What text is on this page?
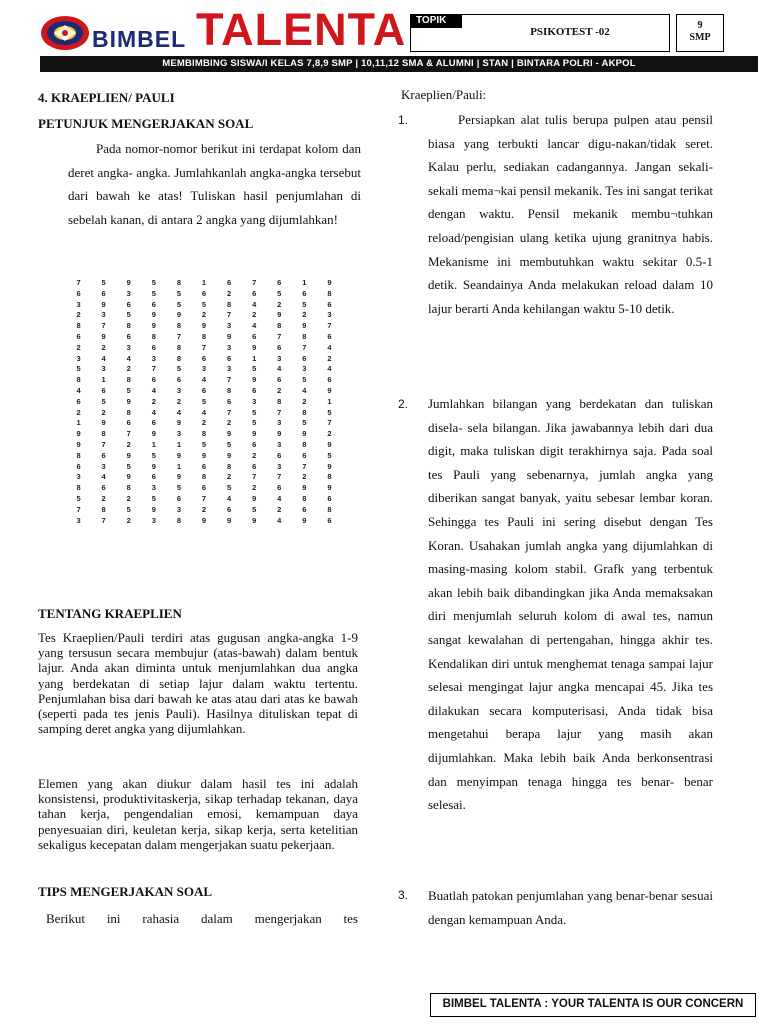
BIMBEL TALENTA TOPIK
PSIKOTEST -02
9
SMP
MEMBIMBING SISWA/I KELAS 7,8,9 SMP | 10,11,12 SMA & ALUMNI | STAN | BINTARA POLRI - AKPOL
4. KRAEPLIEN/ PAULI
PETUNJUK MENGERJAKAN SOAL

Pada nomor-nomor berikut ini terdapat kolom dan deret angka- angka. Jumlahkanlah angka-angka tersebut dari bawah ke atas! Tuliskan hasil penjumlahan di sebelah kanan, di antara 2 angka yang dijumlahkan!

7	5	9	5	8	1	6	7	6	1	9
6	6	3	5	5	6	2	6	5	6	8
3	9	6	6	5	5	8	4	2	5	6
2	3	5	9	9	2	7	2	9	2	3
8	7	8	9	8	9	3	4	8	9	7
6	9	6	8	7	8	9	6	7	8	6
2	2	3	6	8	7	3	9	6	7	4
3	4	4	3	8	6	6	1	3	6	2
5	3	2	7	5	3	3	5	4	3	4
8	1	8	6	6	4	7	9	6	5	6
4	6	5	4	3	6	8	6	2	4	9
6	5	9	2	2	5	6	3	8	2	1
2	2	8	4	4	4	7	5	7	8	5
1	9	6	6	9	2	2	5	3	5	7
9	8	7	9	3	8	9	9	9	9	2
9	7	2	1	1	5	5	6	3	8	9
8	6	9	5	9	9	9	2	6	6	5
6	3	5	9	1	6	8	6	3	7	9
3	4	9	6	9	8	2	7	7	2	8
8	6	8	3	5	6	5	2	6	9	9
5	2	2	5	6	7	4	9	4	8	6
7	8	5	9	3	2	6	5	2	6	8
3	7	2	3	8	9	9	9	4	9	6
TENTANG KRAEPLIEN

Tes Kraeplien/Pauli terdiri atas gugusan angka-angka 1-9 yang tersusun secara membujur (atas-bawah) dalam bentuk lajur. Anda akan diminta untuk menjumlahkan dua angka yang berdekatan di setiap lajur dalam waktu tertentu. Penjumlahan bisa dari bawah ke atas atau dari atas ke bawah (seperti pada tes jenis Pauli). Hasilnya dituliskan tepat di samping deret angka yang dijumlahkan.

Elemen yang akan diukur dalam hasil tes ini adalah konsistensi, produktivitaskerja, sikap terhadap tekanan, daya tahan kerja, pengendalian emosi, kemampuan daya penyesuaian diri, keuletan kerja, sikap kerja, serta ketelitian sekaligus kecepatan dalam mengerjakan suatu pekerjaan.

TIPS MENGERJAKAN SOAL

Berikut ini rahasia dalam mengerjakan tes

Kraeplien/Pauli:
1.	Persiapkan alat tulis berupa pulpen atau pensil biasa yang terbukti lancar digu-nakan/tidak seret. Kalau perlu, sediakan cadangannya. Jangan sekali- sekali mema¬kai pensil mekanik. Tes ini sangat terikat dengan waktu. Pensil mekanik membu¬tuhkan reload/pengisian ulang ketika ujung granitnya habis. Mekanisme ini membutuhkan waktu sekitar 0.5-1 detik. Seandainya Anda melakukan reload dalam 10 lajur berarti Anda kehilangan waktu 5-10 detik.

2. Jumlahkan bilangan yang berdekatan dan tuliskan disela- sela bilangan. Jika jawabannya lebih dari dua digit, maka tuliskan digit terakhirnya saja. Pada soal tes Pauli yang sebenarnya, jumlah angka yang diberikan sangat banyak, yaitu sebesar lembar koran. Sehingga tes Pauli ini sering disebut dengan Tes Koran. Usahakan jumlah angka yang dijumlahkan di masing-masing kolom stabil. Grafk yang terbentuk akan lebih baik dibandingkan jika Anda memaksakan diri menjumlah seluruh kolom di awal tes, namun sangat kewalahan di pertengahan, hingga akhir tes. Kendalikan diri untuk menghemat tenaga sampai lajur selesai mengingat lajur angka mencapai 45. Jika tes dilakukan secara komputerisasi, Anda tidak bisa mengetahui berapa lajur yang masih akan dijumlahkan. Maka lebih baik Anda berkonsentrasi dan menyimpan tenaga hingga tes benar- benar selesai.

3. Buatlah patokan penjumlahan yang benar-benar sesuai dengan kemampuan Anda.

BIMBEL TALENTA : YOUR TALENTA IS OUR CONCERN
